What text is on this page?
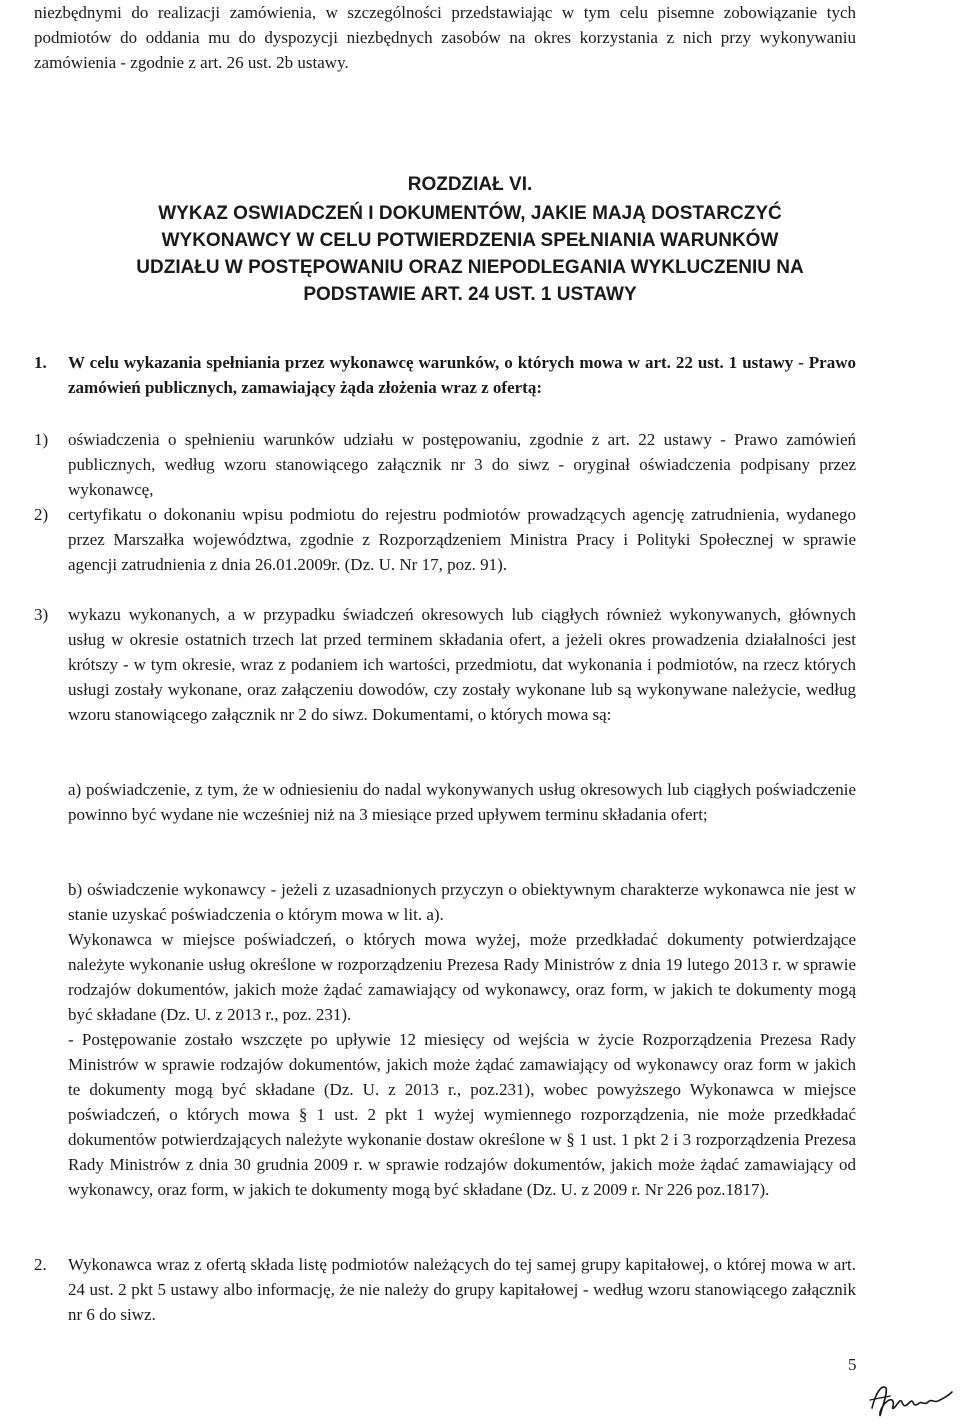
niezbędnymi do realizacji zamówienia, w szczególności przedstawiając w tym celu pisemne zobowiązanie tych podmiotów do oddania mu do dyspozycji niezbędnych zasobów na okres korzystania z nich przy wykonywaniu zamówienia - zgodnie z art. 26 ust. 2b ustawy.
ROZDZIAŁ VI.
WYKAZ OSWIADCZEŃ I DOKUMENTÓW, JAKIE MAJĄ DOSTARCZYĆ
WYKONAWCY W CELU POTWIERDZENIA SPEŁNIANIA WARUNKÓW
UDZIAŁU W POSTĘPOWANIU ORAZ NIEPODLEGANIA WYKLUCZENIU NA
PODSTAWIE ART. 24 UST. 1 USTAWY
1. W celu wykazania spełniania przez wykonawcę warunków, o których mowa w art. 22 ust. 1 ustawy - Prawo zamówień publicznych, zamawiający żąda złożenia wraz z ofertą:
1) oświadczenia o spełnieniu warunków udziału w postępowaniu, zgodnie z art. 22 ustawy - Prawo zamówień publicznych, według wzoru stanowiącego załącznik nr 3 do siwz - oryginał oświadczenia podpisany przez wykonawcę,
2) certyfikatu o dokonaniu wpisu podmiotu do rejestru podmiotów prowadzących agencję zatrudnienia, wydanego przez Marszałka województwa, zgodnie z Rozporządzeniem Ministra Pracy i Polityki Społecznej w sprawie agencji zatrudnienia z dnia 26.01.2009r. (Dz. U. Nr 17, poz. 91).
3) wykazu wykonanych, a w przypadku świadczeń okresowych lub ciągłych również wykonywanych, głównych usług w okresie ostatnich trzech lat przed terminem składania ofert, a jeżeli okres prowadzenia działalności jest krótszy - w tym okresie, wraz z podaniem ich wartości, przedmiotu, dat wykonania i podmiotów, na rzecz których usługi zostały wykonane, oraz załączeniu dowodów, czy zostały wykonane lub są wykonywane należycie, według wzoru stanowiącego załącznik nr 2 do siwz. Dokumentami, o których mowa są:
a) poświadczenie, z tym, że w odniesieniu do nadal wykonywanych usług okresowych lub ciągłych poświadczenie powinno być wydane nie wcześniej niż na 3 miesiące przed upływem terminu składania ofert;
b) oświadczenie wykonawcy - jeżeli z uzasadnionych przyczyn o obiektywnym charakterze wykonawca nie jest w stanie uzyskać poświadczenia o którym mowa w lit. a).
Wykonawca w miejsce poświadczeń, o których mowa wyżej, może przedkładać dokumenty potwierdzające należyte wykonanie usług określone w rozporządzeniu Prezesa Rady Ministrów z dnia 19 lutego 2013 r. w sprawie rodzajów dokumentów, jakich może żądać zamawiający od wykonawcy, oraz form, w jakich te dokumenty mogą być składane (Dz. U. z 2013 r., poz. 231).
- Postępowanie zostało wszczęte po upływie 12 miesięcy od wejścia w życie Rozporządzenia Prezesa Rady Ministrów w sprawie rodzajów dokumentów, jakich może żądać zamawiający od wykonawcy oraz form w jakich te dokumenty mogą być składane (Dz. U. z 2013 r., poz.231), wobec powyższego Wykonawca w miejsce poświadczeń, o których mowa § 1 ust. 2 pkt 1 wyżej wymiennego rozporządzenia, nie może przedkładać dokumentów potwierdzających należyte wykonanie dostaw określone w § 1 ust. 1 pkt 2 i 3 rozporządzenia Prezesa Rady Ministrów z dnia 30 grudnia 2009 r. w sprawie rodzajów dokumentów, jakich może żądać zamawiający od wykonawcy, oraz form, w jakich te dokumenty mogą być składane (Dz. U. z 2009 r. Nr 226 poz.1817).
2. Wykonawca wraz z ofertą składa listę podmiotów należących do tej samej grupy kapitałowej, o której mowa w art. 24 ust. 2 pkt 5 ustawy albo informację, że nie należy do grupy kapitałowej - według wzoru stanowiącego załącznik nr 6 do siwz.
5
